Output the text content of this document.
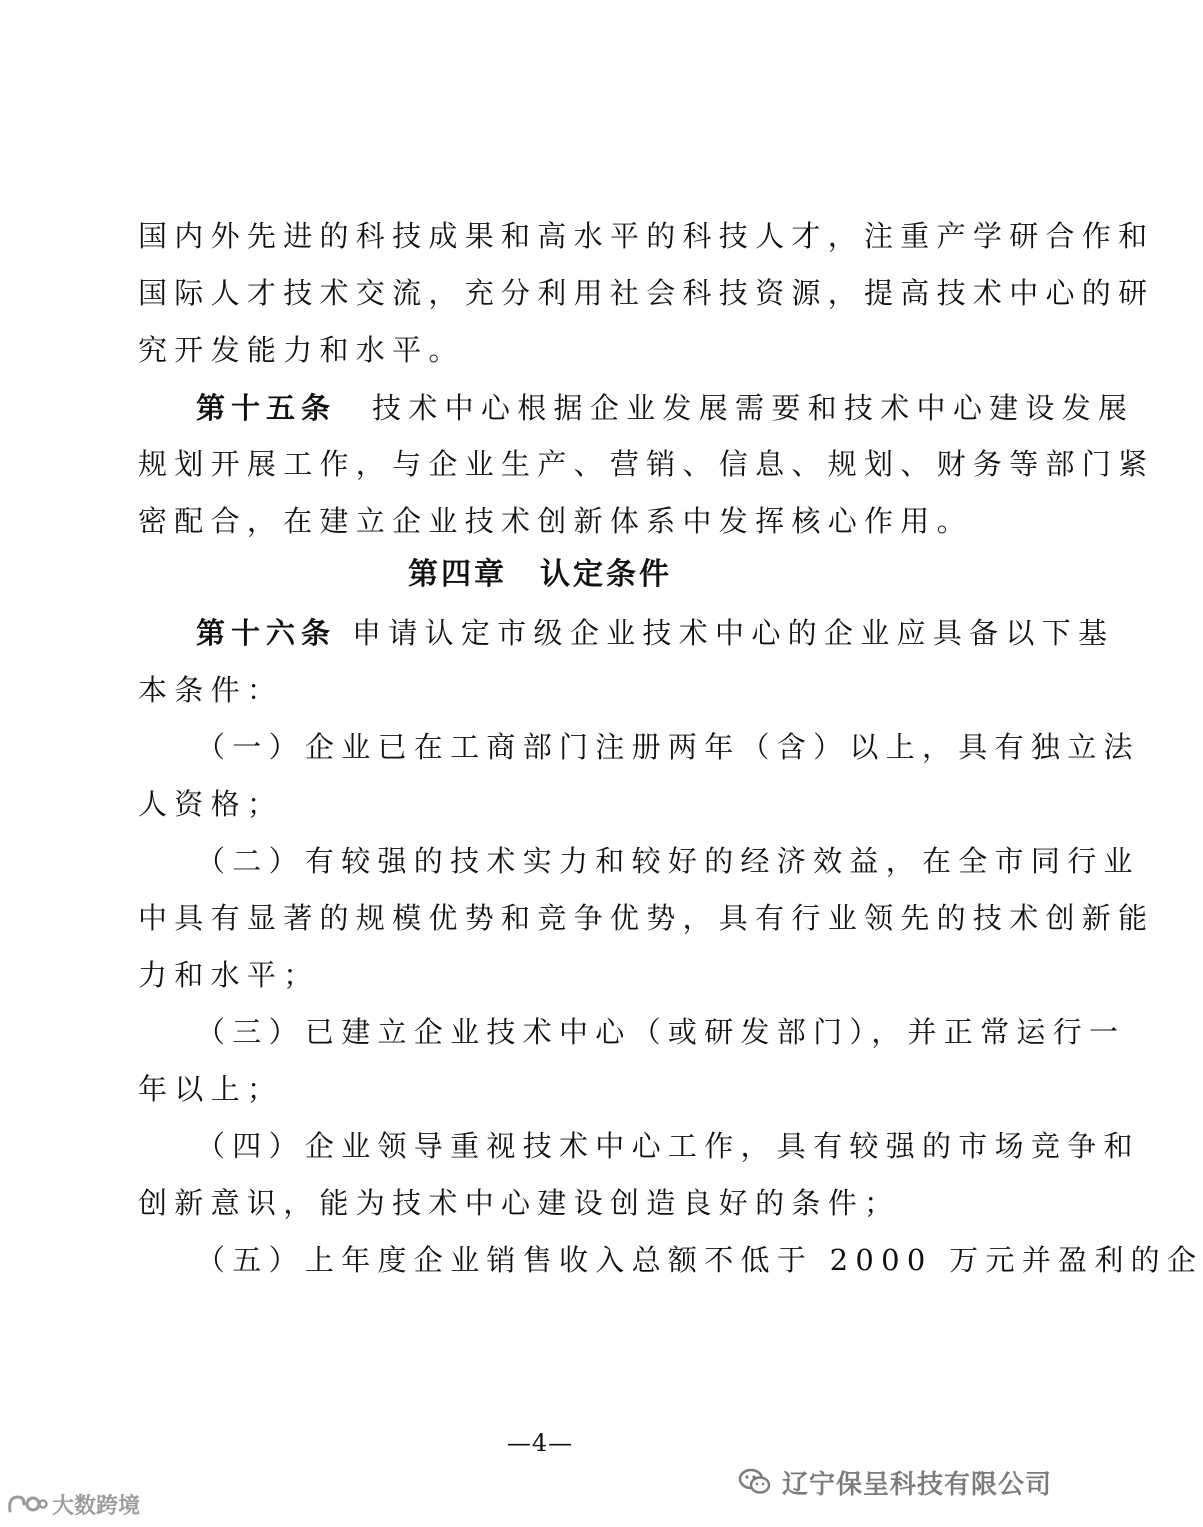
国内外先进的科技成果和高水平的科技人才，注重产学研合作和
国际人才技术交流，充分利用社会科技资源，提高技术中心的研
究开发能力和水平。
第十五条 技术中心根据企业发展需要和技术中心建设发展
规划开展工作，与企业生产、营销、信息、规划、财务等部门紧
密配合，在建立企业技术创新体系中发挥核心作用。
第四章　认定条件
第十六条 申请认定市级企业技术中心的企业应具备以下基
本条件：
（一）企业已在工商部门注册两年（含）以上，具有独立法
人资格；
（二）有较强的技术实力和较好的经济效益，在全市同行业
中具有显著的规模优势和竞争优势，具有行业领先的技术创新能
力和水平；
（三）已建立企业技术中心（或研发部门），并正常运行一
年以上；
（四）企业领导重视技术中心工作，具有较强的市场竞争和
创新意识，能为技术中心建设创造良好的条件；
（五）上年度企业销售收入总额不低于 2000 万元并盈利的企
—4—
辽宁保呈科技有限公司
大数跨境
